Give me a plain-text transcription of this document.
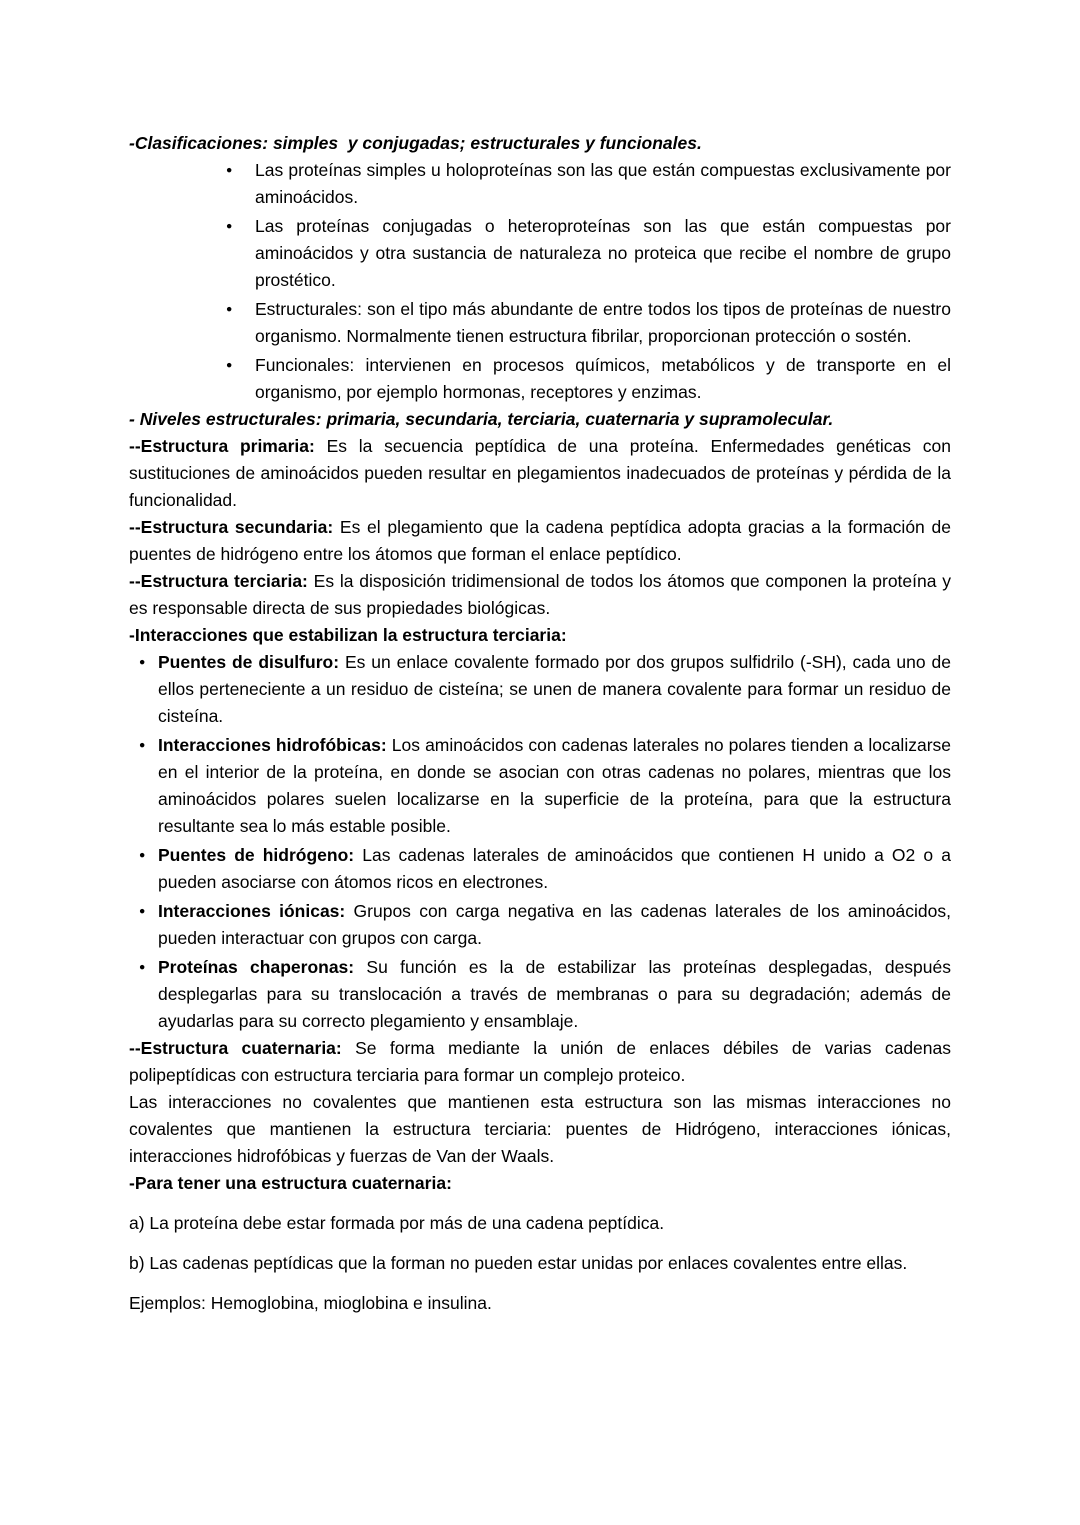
-Clasificaciones: simples  y conjugadas; estructurales y funcionales.

● Las proteínas simples u holoproteínas son las que están compuestas exclusivamente por aminoácidos.
● Las proteínas conjugadas o heteroproteínas son las que están compuestas por aminoácidos y otra sustancia de naturaleza no proteica que recibe el nombre de grupo prostético.
● Estructurales: son el tipo más abundante de entre todos los tipos de proteínas de nuestro organismo. Normalmente tienen estructura fibrilar, proporcionan protección o sostén.
● Funcionales: intervienen en procesos químicos, metabólicos y de transporte en el organismo, por ejemplo hormonas, receptores y enzimas.

- Niveles estructurales: primaria, secundaria, terciaria, cuaternaria y supramolecular.

--Estructura primaria: Es la secuencia peptídica de una proteína. Enfermedades genéticas con sustituciones de aminoácidos pueden resultar en plegamientos inadecuados de proteínas y pérdida de la funcionalidad.

--Estructura secundaria: Es el plegamiento que la cadena peptídica adopta gracias a la formación de puentes de hidrógeno entre los átomos que forman el enlace peptídico.

--Estructura terciaria: Es la disposición tridimensional de todos los átomos que componen la proteína y es responsable directa de sus propiedades biológicas.

-Interacciones que estabilizan la estructura terciaria:

● Puentes de disulfuro: Es un enlace covalente formado por dos grupos sulfidrilo (-SH), cada uno de ellos perteneciente a un residuo de cisteína; se unen de manera covalente para formar un residuo de cisteína.
● Interacciones hidrofóbicas: Los aminoácidos con cadenas laterales no polares tienden a localizarse en el interior de la proteína, en donde se asocian con otras cadenas no polares, mientras que los aminoácidos polares suelen localizarse en la superficie de la proteína, para que la estructura resultante sea lo más estable posible.
● Puentes de hidrógeno: Las cadenas laterales de aminoácidos que contienen H unido a O2 o a pueden asociarse con átomos ricos en electrones.
● Interacciones iónicas: Grupos con carga negativa en las cadenas laterales de los aminoácidos, pueden interactuar con grupos con carga.
● Proteínas chaperonas: Su función es la de estabilizar las proteínas desplegadas, después desplegarlas para su translocación a través de membranas o para su degradación; además de ayudarlas para su correcto plegamiento y ensamblaje.

--Estructura cuaternaria: Se forma mediante la unión de enlaces débiles de varias cadenas polipeptídicas con estructura terciaria para formar un complejo proteico.

Las interacciones no covalentes que mantienen esta estructura son las mismas interacciones no covalentes que mantienen la estructura terciaria: puentes de Hidrógeno, interacciones iónicas, interacciones hidrofóbicas y fuerzas de Van der Waals.

-Para tener una estructura cuaternaria:

a) La proteína debe estar formada por más de una cadena peptídica.

b) Las cadenas peptídicas que la forman no pueden estar unidas por enlaces covalentes entre ellas.

Ejemplos: Hemoglobina, mioglobina e insulina.
